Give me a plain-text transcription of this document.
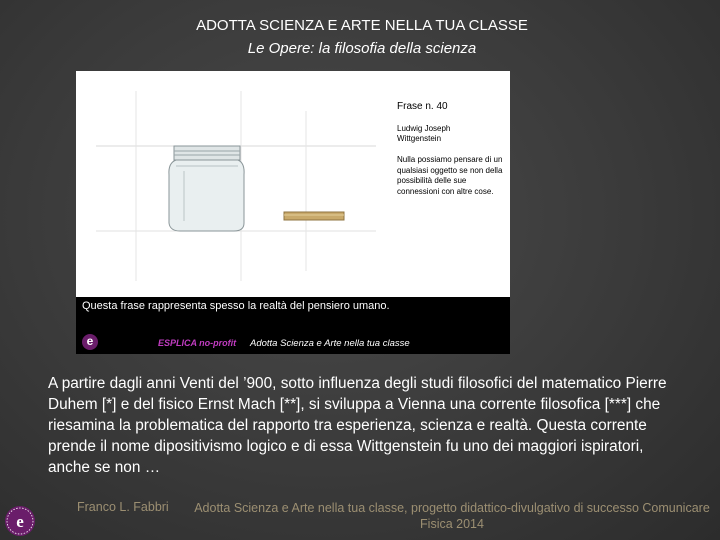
ADOTTA SCIENZA E ARTE NELLA TUA CLASSE
Le Opere: la filosofia della scienza
02OO99999 8A07
Frase n. 40
Ludwig Joseph
Wittgenstein
Nulla possiamo pensare di un qualsiasi oggetto se non della possibilità delle sue connessioni con altre cose.
Questa frase rappresenta spesso la realtà del pensiero umano.
e	ESPLICA no-profit Adotta Scienza e Arte nella tua classe
A partire dagli anni Venti del ’900, sotto influenza degli studi filosofici del matematico Pierre Duhem [*] e del fisico Ernst Mach [**], si sviluppa a Vienna una corrente filosofica [***] che riesamina la problematica del rapporto tra esperienza, scienza e realtà. Questa corrente prende il nome dipositivismo logico e di essa Wittgenstein fu uno dei maggiori ispiratori, anche se non …
Franco L. Fabbri Adotta Scienza e Arte nella tua classe, progetto didattico-divulgativo di successo Comunicare Fisica 2014
e
